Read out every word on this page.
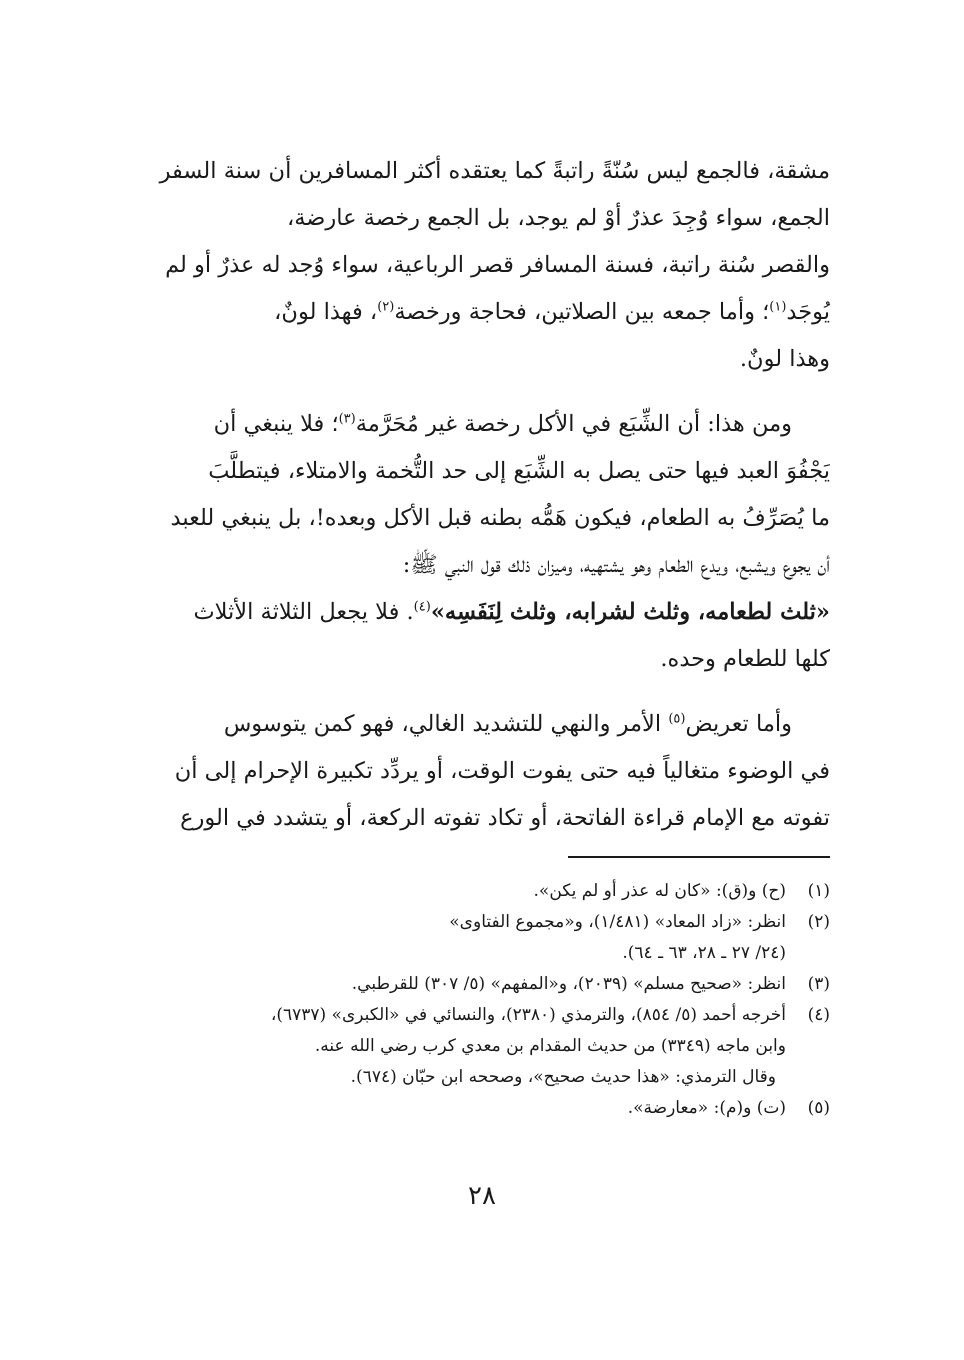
مشقة، فالجمع ليس سُنّةً راتبةً كما يعتقده أكثر المسافرين أن سنة السفر
الجمع، سواء وُجِدَ عذرٌ أوْ لم يوجد، بل الجمع رخصة عارضة،
والقصر سُنة راتبة، فسنة المسافر قصر الرباعية، سواء وُجد له عذرٌ أو لم
يُوجَد$^{(١)}$؛ وأما جمعه بين الصلاتين، فحاجة ورخصة$^{(٢)}$، فهذا لونٌ،
وهذا لونٌ.

ومن هذا: أن الشِّبَع في الأكل رخصة غير مُحَرَّمة$^{(٣)}$؛ فلا ينبغي أن
يَجْفُوَ العبد فيها حتى يصل به الشِّبَع إلى حد التُّخمة والامتلاء، فيتطلَّبَ
ما يُصَرِّفُ به الطعام، فيكون هَمُّه بطنه قبل الأكل وبعده!، بل ينبغي للعبد
أن يجوع ويشبع، ويدع الطعام وهو يشتهيه، وميزان ذلك قول النبي ﷺ:
«ثلث لطعامه، وثلث لشرابه، وثلث لِنَفَسِه»$^{(٤)}$. فلا يجعل الثلاثة الأثلاث
كلها للطعام وحده.

وأما تعريض$^{(٥)}$ الأمر والنهي للتشديد الغالي، فهو كمن يتوسوس
في الوضوء متغالياً فيه حتى يفوت الوقت، أو يردِّد تكبيرة الإحرام إلى أن
تفوته مع الإمام قراءة الفاتحة، أو تكاد تفوته الركعة، أو يتشدد في الورع

(١)
(ح) و(ق): «كان له عذر أو لم يكن».
(٢)
انظر: «زاد المعاد» (١/٤٨١)، و«مجموع الفتاوى»
(٢٤/ ٢٧ ـ ٢٨، ٦٣ ـ ٦٤).
(٣)
انظر: «صحيح مسلم» (٢٠٣٩)، و«المفهم» (٥/ ٣٠٧) للقرطبي.
(٤)
أخرجه أحمد (٥/ ٨٥٤)، والترمذي (٢٣٨٠)، والنسائي في «الكبرى» (٦٧٣٧)،
وابن ماجه (٣٣٤٩) من حديث المقدام بن معدي كرب رضي الله عنه.
وقال الترمذي: «هذا حديث صحيح»، وصححه ابن حبّان (٦٧٤).
(٥)
(ت) و(م): «معارضة».
٢٨
